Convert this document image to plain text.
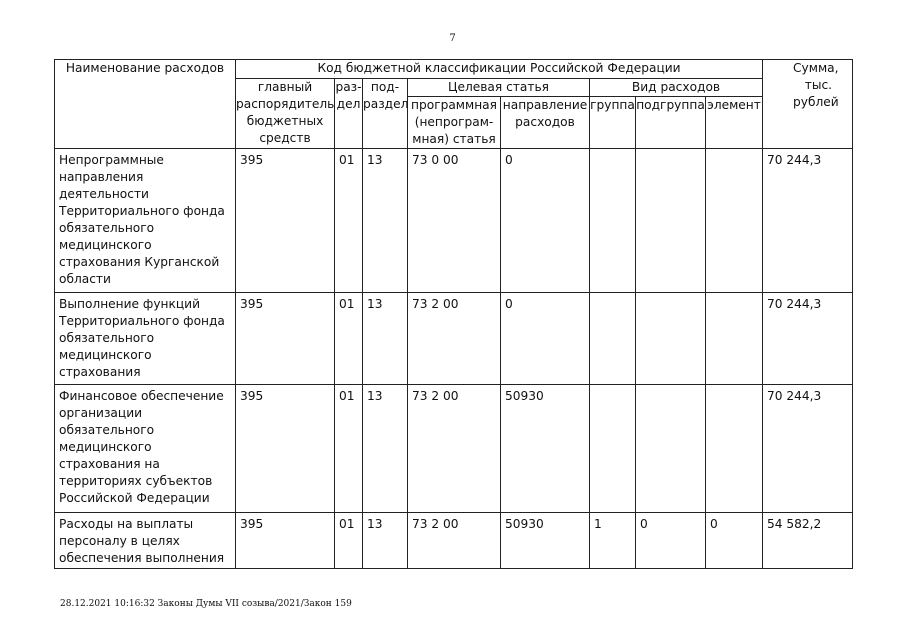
7
Наименование расходов	Код бюджетной классификации Российской Федерации								Сумма, тыс. рублей
	главный распорядитель бюджетных средств	раз-дел	под-раздел	Целевая статья		Вид расходов			
				программная (непрограм-мная) статья	направление расходов	группа	подгруппа	элемент	
Непрограммные направления деятельности Территориального фонда обязательного медицинского страхования Курганской области	395	01	13	73 0 00	0				70 244,3
Выполнение функций Территориального фонда обязательного медицинского страхования	395	01	13	73 2 00	0				70 244,3
Финансовое обеспечение организации обязательного медицинского страхования на территориях субъектов Российской Федерации	395	01	13	73 2 00	50930				70 244,3
Расходы на выплаты персоналу в целях обеспечения выполнения	395	01	13	73 2 00	50930	1	0	0	54 582,2
28.12.2021 10:16:32 Законы Думы VII созыва/2021/Закон 159
